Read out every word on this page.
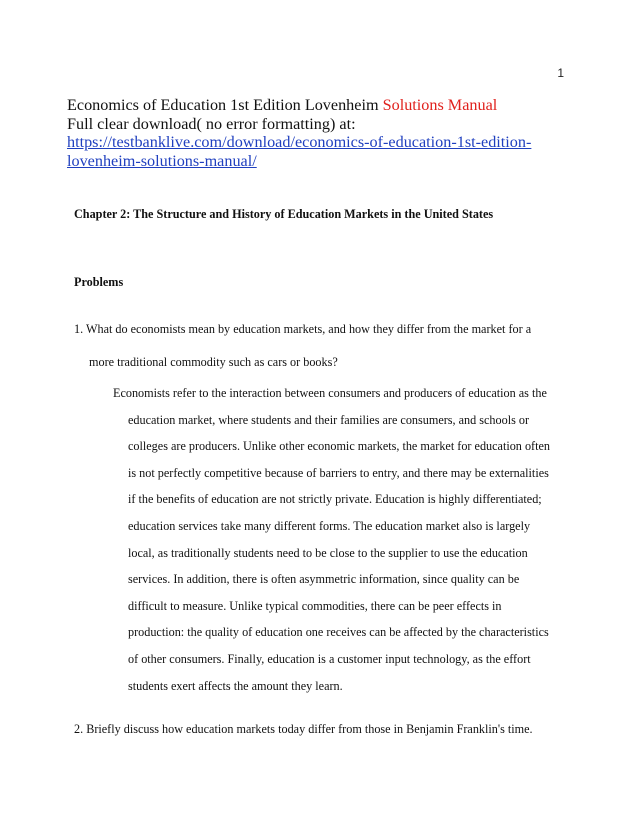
1
Economics of Education 1st Edition Lovenheim Solutions Manual
Full clear download( no error formatting) at:
https://testbanklive.com/download/economics-of-education-1st-edition-
lovenheim-solutions-manual/
Chapter 2: The Structure and History of Education Markets in the United States
Problems
1. What do economists mean by education markets, and how they differ from the market for a
more traditional commodity such as cars or books?
Economists refer to the interaction between consumers and producers of education as the
education market, where students and their families are consumers, and schools or
colleges are producers. Unlike other economic markets, the market for education often
is not perfectly competitive because of barriers to entry, and there may be externalities
if the benefits of education are not strictly private. Education is highly differentiated;
education services take many different forms. The education market also is largely
local, as traditionally students need to be close to the supplier to use the education
services. In addition, there is often asymmetric information, since quality can be
difficult to measure. Unlike typical commodities, there can be peer effects in
production: the quality of education one receives can be affected by the characteristics
of other consumers. Finally, education is a customer input technology, as the effort
students exert affects the amount they learn.
2. Briefly discuss how education markets today differ from those in Benjamin Franklin's time.
